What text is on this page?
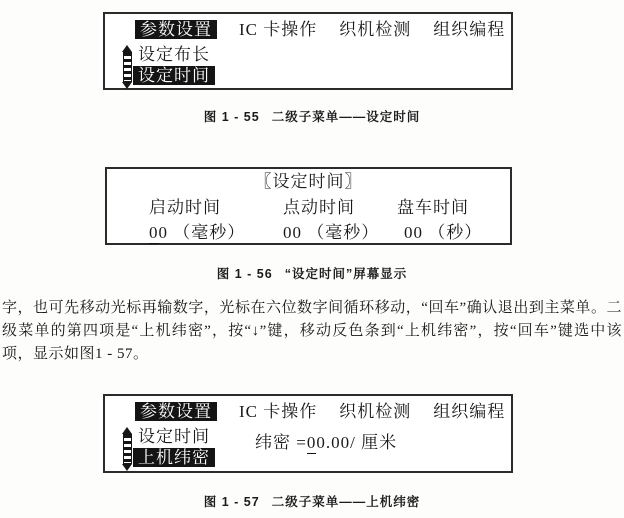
参数设置 IC 卡操作 织机检测 组织编程
设定布长
设定时间
图 1 - 55 二级子菜单——设定时间
〖设定时间〗
启动时间	点动时间 盘车时间
00 （毫秒） 00 （毫秒） 00 （秒）
图 1 - 56 “设定时间”屏幕显示
字，也可先移动光标再输数字，光标在六位数字间循环移动，“回车”确认退出到主菜单。二
级菜单的第四项是“上机纬密”，按“↓”键，移动反色条到“上机纬密”，按“回车”键选中该
项，显示如图1 - 57。
参数设置 IC 卡操作 织机检测 组织编程
设定时间
上机纬密
纬密 =00.00/ 厘米
图 1 - 57 二级子菜单——上机纬密
